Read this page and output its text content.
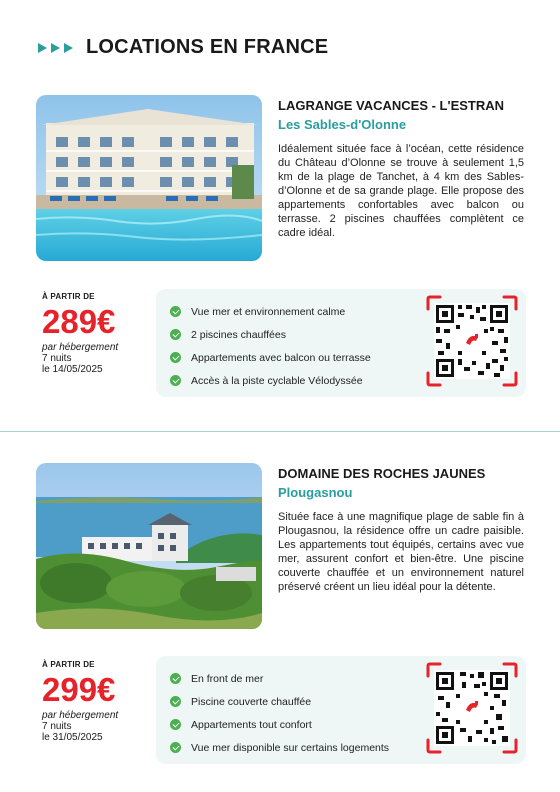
LOCATIONS EN FRANCE
LAGRANGE VACANCES - L'ESTRAN
Les Sables-d'Olonne

Idéalement située face à l’océan, cette résidence du Château d’Olonne se trouve à seulement 1,5 km de la plage de Tanchet, à 4 km des Sables-d’Olonne et de sa grande plage. Elle propose des appartements confortables avec balcon ou terrasse. 2 piscines chauffées complètent ce cadre idéal.

À PARTIR DE
289€
par hébergement
7 nuits
le 14/05/2025
Vue mer et environnement calme
2 piscines chauffées
Appartements avec balcon ou terrasse
Accès à la piste cyclable Vélodyssée
DOMAINE DES ROCHES JAUNES
Plougasnou

Située face à une magnifique plage de sable fin à Plougasnou, la résidence offre un cadre paisible. Les appartements tout équipés, certains avec vue mer, assurent confort et bien-être. Une piscine couverte chauffée et un environnement naturel préservé créent un lieu idéal pour la détente.

À PARTIR DE
299€
par hébergement
7 nuits
le 31/05/2025
En front de mer
Piscine couverte chauffée
Appartements tout confort
Vue mer disponible sur certains logements
